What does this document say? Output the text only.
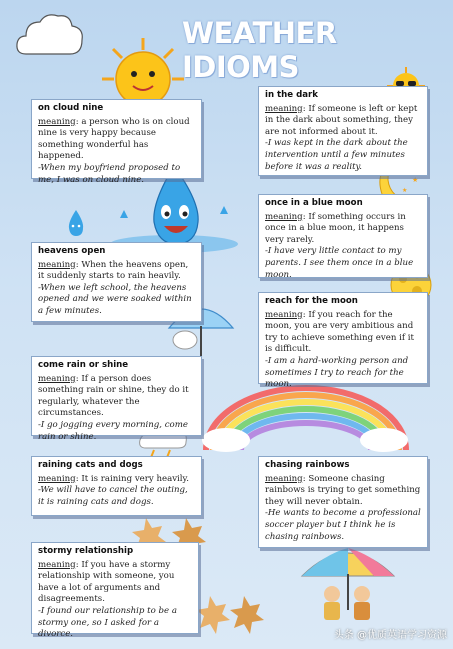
★
★
WEATHER IDIOMS
on cloud nine
meaning: a person who is on cloud nine is very happy because something wonderful has happened.
-When my boyfriend proposed to me, I was on cloud nine.
in the dark
meaning: If someone is left or kept in the dark about something, they are not informed about it.
-I was kept in the dark about the intervention until a few minutes before it was a reality.
once in a blue moon
meaning: If something occurs in once in a blue moon, it happens very rarely.
-I have very little contact to my parents. I see them once in a blue moon.
heavens open
meaning: When the heavens open, it suddenly starts to rain heavily.
-When we left school, the heavens opened and we were soaked within a few minutes.
reach for the moon
meaning: If you reach for the moon, you are very ambitious and try to achieve something even if it is difficult.
-I am a hard-working person and sometimes I try to reach for the moon.
come rain or shine
meaning: If a person does something rain or shine, they do it regularly, whatever the circumstances.
-I go jogging every morning, come rain or shine.
raining cats and dogs
meaning: It is raining very heavily.
-We will have to cancel the outing, it is raining cats and dogs.
chasing rainbows
meaning: Someone chasing rainbows is trying to get something they will never obtain.
-He wants to become a professional soccer player but I think he is chasing rainbows.
stormy relationship
meaning: If you have a stormy relationship with someone, you have a lot of arguments and disagreements.
-I found our relationship to be a stormy one, so I asked for a divorce.	头条 @优质英语学习资源
